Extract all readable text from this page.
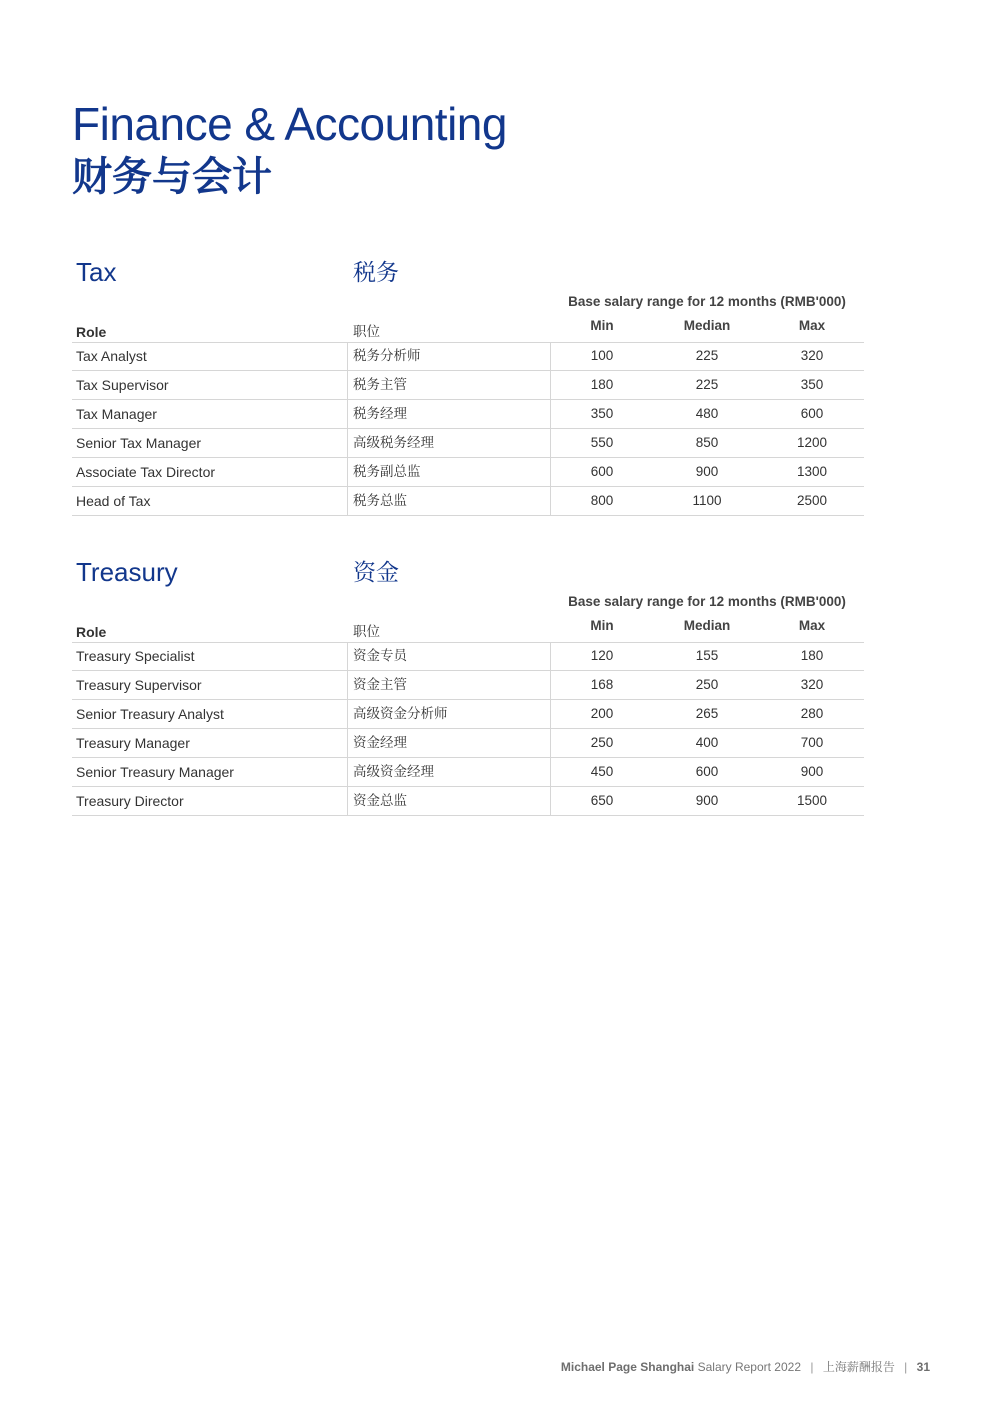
Finance & Accounting
财务与会计
Tax	税务
Base salary range for 12 months (RMB'000)
Role	职位	Min	Median	Max
Tax Analyst	税务分析师	100	225	320
Tax Supervisor	税务主管	180	225	350
Tax Manager	税务经理	350	480	600
Senior Tax Manager	高级税务经理	550	850	1200
Associate Tax Director	税务副总监	600	900	1300
Head of Tax	税务总监	800	1100	2500
Treasury	资金
Base salary range for 12 months (RMB'000)
Role	职位	Min	Median	Max
Treasury Specialist	资金专员	120	155	180
Treasury Supervisor	资金主管	168	250	320
Senior Treasury Analyst	高级资金分析师	200	265	280
Treasury Manager	资金经理	250	400	700
Senior Treasury Manager	高级资金经理	450	600	900
Treasury Director	资金总监	650	900	1500
Michael Page Shanghai Salary Report 2022 | 上海薪酬报告 | 31
